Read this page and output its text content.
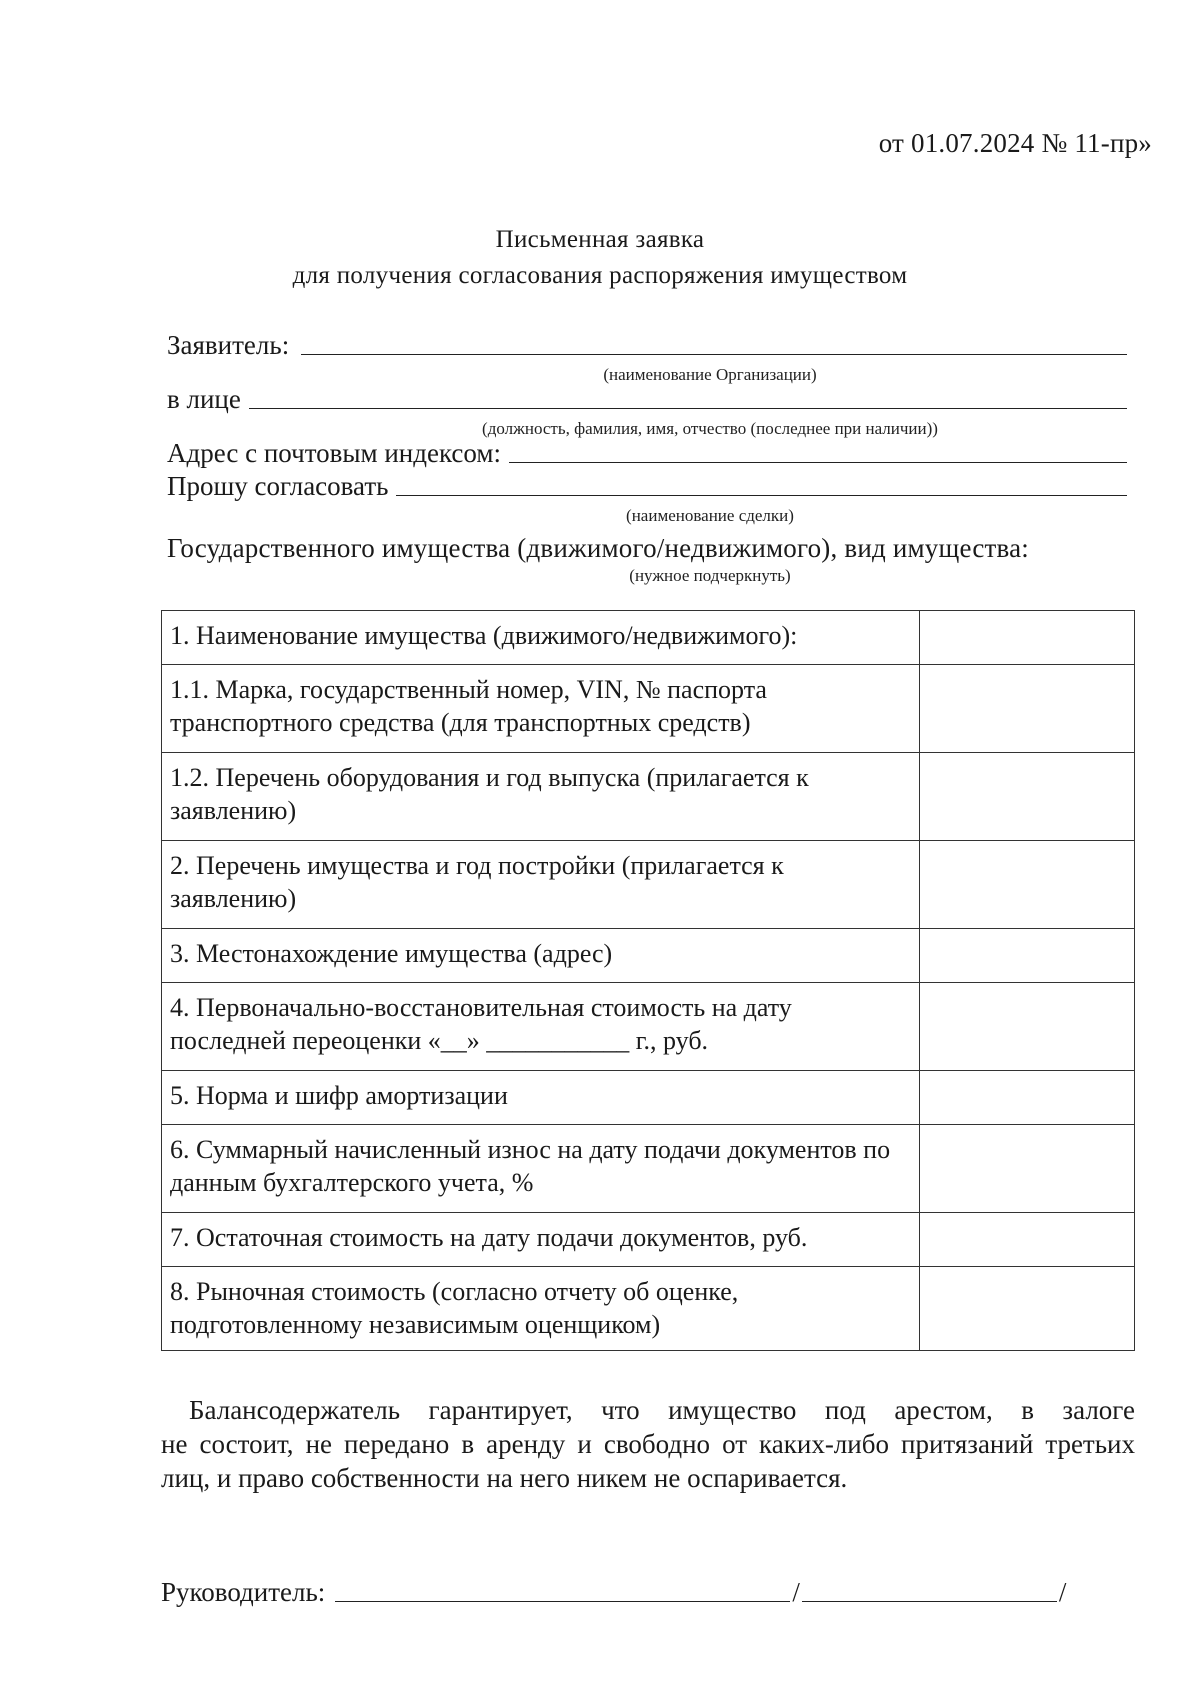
от 01.07.2024 № 11-пр»
Письменная заявка
для получения согласования распоряжения имуществом
Заявитель:
(наименование Организации)
в лице
(должность, фамилия, имя, отчество (последнее при наличии))
Адрес с почтовым индексом:
Прошу согласовать
(наименование сделки)
Государственного имущества (движимого/недвижимого), вид имущества:
(нужное подчеркнуть)
1. Наименование имущества (движимого/недвижимого):	
1.1. Марка, государственный номер, VIN, № паспорта транспортного средства (для транспортных средств)	
1.2. Перечень оборудования и год выпуска (прилагается к заявлению)	
2. Перечень имущества и год постройки (прилагается к заявлению)	
3. Местонахождение имущества (адрес)	
4. Первоначально-восстановительная стоимость на дату последней переоценки «__» ___________ г., руб.	
5. Норма и шифр амортизации	
6. Суммарный начисленный износ на дату подачи документов по данным бухгалтерского учета, %	
7. Остаточная стоимость на дату подачи документов, руб.	
8. Рыночная стоимость (согласно отчету об оценке, подготовленному независимым оценщиком)	
Балансодержатель гарантирует, что имущество под арестом, в залоге
не состоит, не передано в аренду и свободно от каких-либо притязаний третьих
лиц, и право собственности на него никем не оспаривается.
Руководитель:	/	/
